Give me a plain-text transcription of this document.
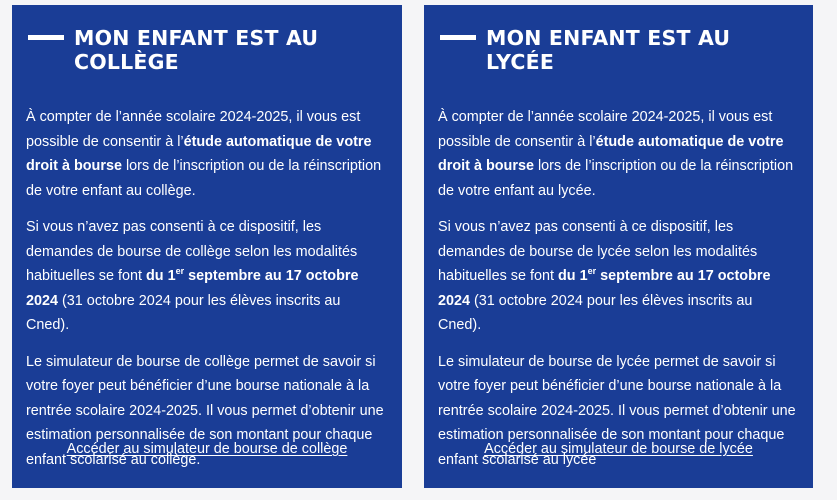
MON ENFANT EST AU
COLLÈGE

À compter de l’année scolaire 2024-2025, il vous est possible de consentir à l’étude automatique de votre droit à bourse lors de l’inscription ou de la réinscription de votre enfant au collège.

Si vous n’avez pas consenti à ce dispositif, les demandes de bourse de collège selon les modalités habituelles se font du 1er septembre au 17 octobre 2024 (31 octobre 2024 pour les élèves inscrits au Cned).

Le simulateur de bourse de collège permet de savoir si votre foyer peut bénéficier d’une bourse nationale à la rentrée scolaire 2024-2025. Il vous permet d’obtenir une estimation personnalisée de son montant pour chaque enfant scolarisé au collège.

Accéder au simulateur de bourse de collège
MON ENFANT EST AU
LYCÉE

À compter de l’année scolaire 2024-2025, il vous est possible de consentir à l’étude automatique de votre droit à bourse lors de l’inscription ou de la réinscription de votre enfant au lycée.

Si vous n’avez pas consenti à ce dispositif, les demandes de bourse de lycée selon les modalités habituelles se font du 1er septembre au 17 octobre 2024 (31 octobre 2024 pour les élèves inscrits au Cned).

Le simulateur de bourse de lycée permet de savoir si votre foyer peut bénéficier d’une bourse nationale à la rentrée scolaire 2024-2025. Il vous permet d’obtenir une estimation personnalisée de son montant pour chaque enfant scolarisé au lycée

Accéder au simulateur de bourse de lycée
